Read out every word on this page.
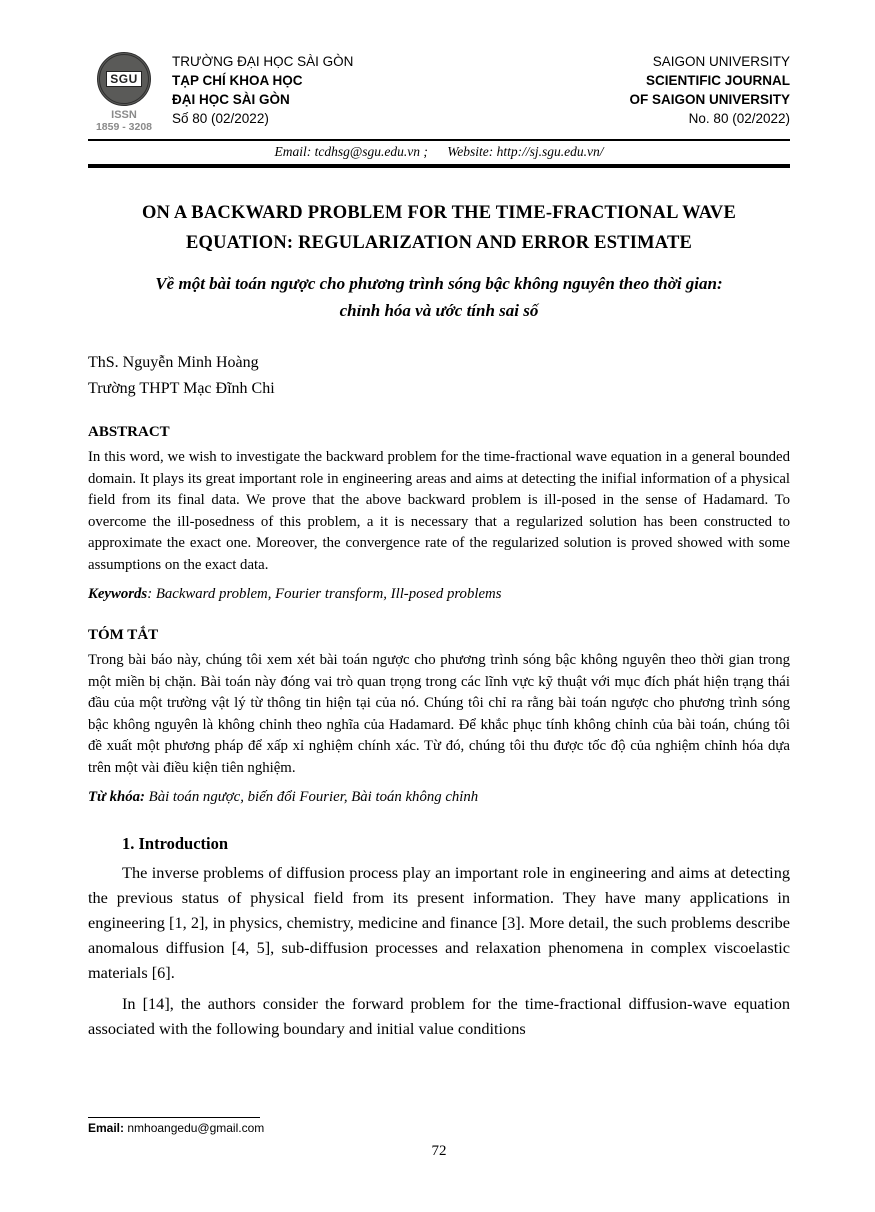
SGU
ISSN
1859 - 3208
TRƯỜNG ĐẠI HỌC SÀI GÒN
TẠP CHÍ KHOA HỌC
ĐẠI HỌC SÀI GÒN
Số 80 (02/2022)
SAIGON UNIVERSITY
SCIENTIFIC JOURNAL
OF SAIGON UNIVERSITY
No. 80 (02/2022)
Email: tcdhsg@sgu.edu.vn ; Website: http://sj.sgu.edu.vn/
ON A BACKWARD PROBLEM FOR THE TIME-FRACTIONAL WAVE
EQUATION: REGULARIZATION AND ERROR ESTIMATE
Về một bài toán ngược cho phương trình sóng bậc không nguyên theo thời gian:
chỉnh hóa và ước tính sai số
ThS. Nguyễn Minh Hoàng
Trường THPT Mạc Đĩnh Chi
ABSTRACT

In this word, we wish to investigate the backward problem for the time-fractional wave equation in a general bounded domain. It plays its great important role in engineering areas and aims at detecting the inifial information of a physical field from its final data. We prove that the above backward problem is ill-posed in the sense of Hadamard. To overcome the ill-posedness of this problem, a it is necessary that a regularized solution has been constructed to approximate the exact one. Moreover, the convergence rate of the regularized solution is proved showed with some assumptions on the exact data.

Keywords: Backward problem, Fourier transform, Ill-posed problems
TÓM TẮT

Trong bài báo này, chúng tôi xem xét bài toán ngược cho phương trình sóng bậc không nguyên theo thời gian trong một miền bị chặn. Bài toán này đóng vai trò quan trọng trong các lĩnh vực kỹ thuật với mục đích phát hiện trạng thái đầu của một trường vật lý từ thông tin hiện tại của nó. Chúng tôi chỉ ra rằng bài toán ngược cho phương trình sóng bậc không nguyên là không chỉnh theo nghĩa của Hadamard. Để khắc phục tính không chỉnh của bài toán, chúng tôi đề xuất một phương pháp để xấp xỉ nghiệm chính xác. Từ đó, chúng tôi thu được tốc độ của nghiệm chỉnh hóa dựa trên một vài điều kiện tiên nghiệm.

Từ khóa: Bài toán ngược, biến đổi Fourier, Bài toán không chỉnh
1. Introduction

The inverse problems of diffusion process play an important role in engineering and aims at detecting the previous status of physical field from its present information. They have many applications in engineering [1, 2], in physics, chemistry, medicine and finance [3]. More detail, the such problems describe anomalous diffusion [4, 5], sub-diffusion processes and relaxation phenomena in complex viscoelastic materials [6].

In [14], the authors consider the forward problem for the time-fractional diffusion-wave equation associated with the following boundary and initial value conditions

Email: nmhoangedu@gmail.com
72
